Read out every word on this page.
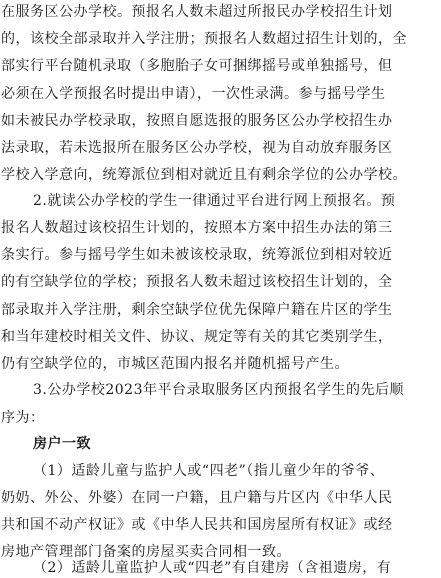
在服务区公办学校。预报名人数未超过所报民办学校招生计划
的，该校全部录取并入学注册；预报名人数超过招生计划的，全
部实行平台随机录取（多胞胎子女可捆绑摇号或单独摇号，但
必须在入学预报名时提出申请），一次性录满。参与摇号学生
如未被民办学校录取，按照自愿选报的服务区公办学校招生办
法录取，若未选报所在服务区公办学校，视为自动放弃服务区
学校入学意向，统筹派位到相对就近且有剩余学位的公办学校。
2.就读公办学校的学生一律通过平台进行网上预报名。预
报名人数超过该校招生计划的，按照本方案中招生办法的第三
条实行。参与摇号学生如未被该校录取，统筹派位到相对较近
的有空缺学位的学校；预报名人数未超过该校招生计划的，全
部录取并入学注册，剩余空缺学位优先保障户籍在片区的学生
和当年建校时相关文件、协议、规定等有关的其它类别学生，
仍有空缺学位的，市城区范围内报名并随机摇号产生。
3.公办学校2023年平台录取服务区内预报名学生的先后顺
序为：
房户一致
（1）适龄儿童与监护人或“四老”（指儿童少年的爷爷、
奶奶、外公、外婆）在同一户籍，且户籍与片区内《中华人民
共和国不动产权证》或《中华人民共和国房屋所有权证》或经
房地产管理部门备案的房屋买卖合同相一致。
（2）适龄儿童监护人或“四老”有自建房（含祖遗房，有
